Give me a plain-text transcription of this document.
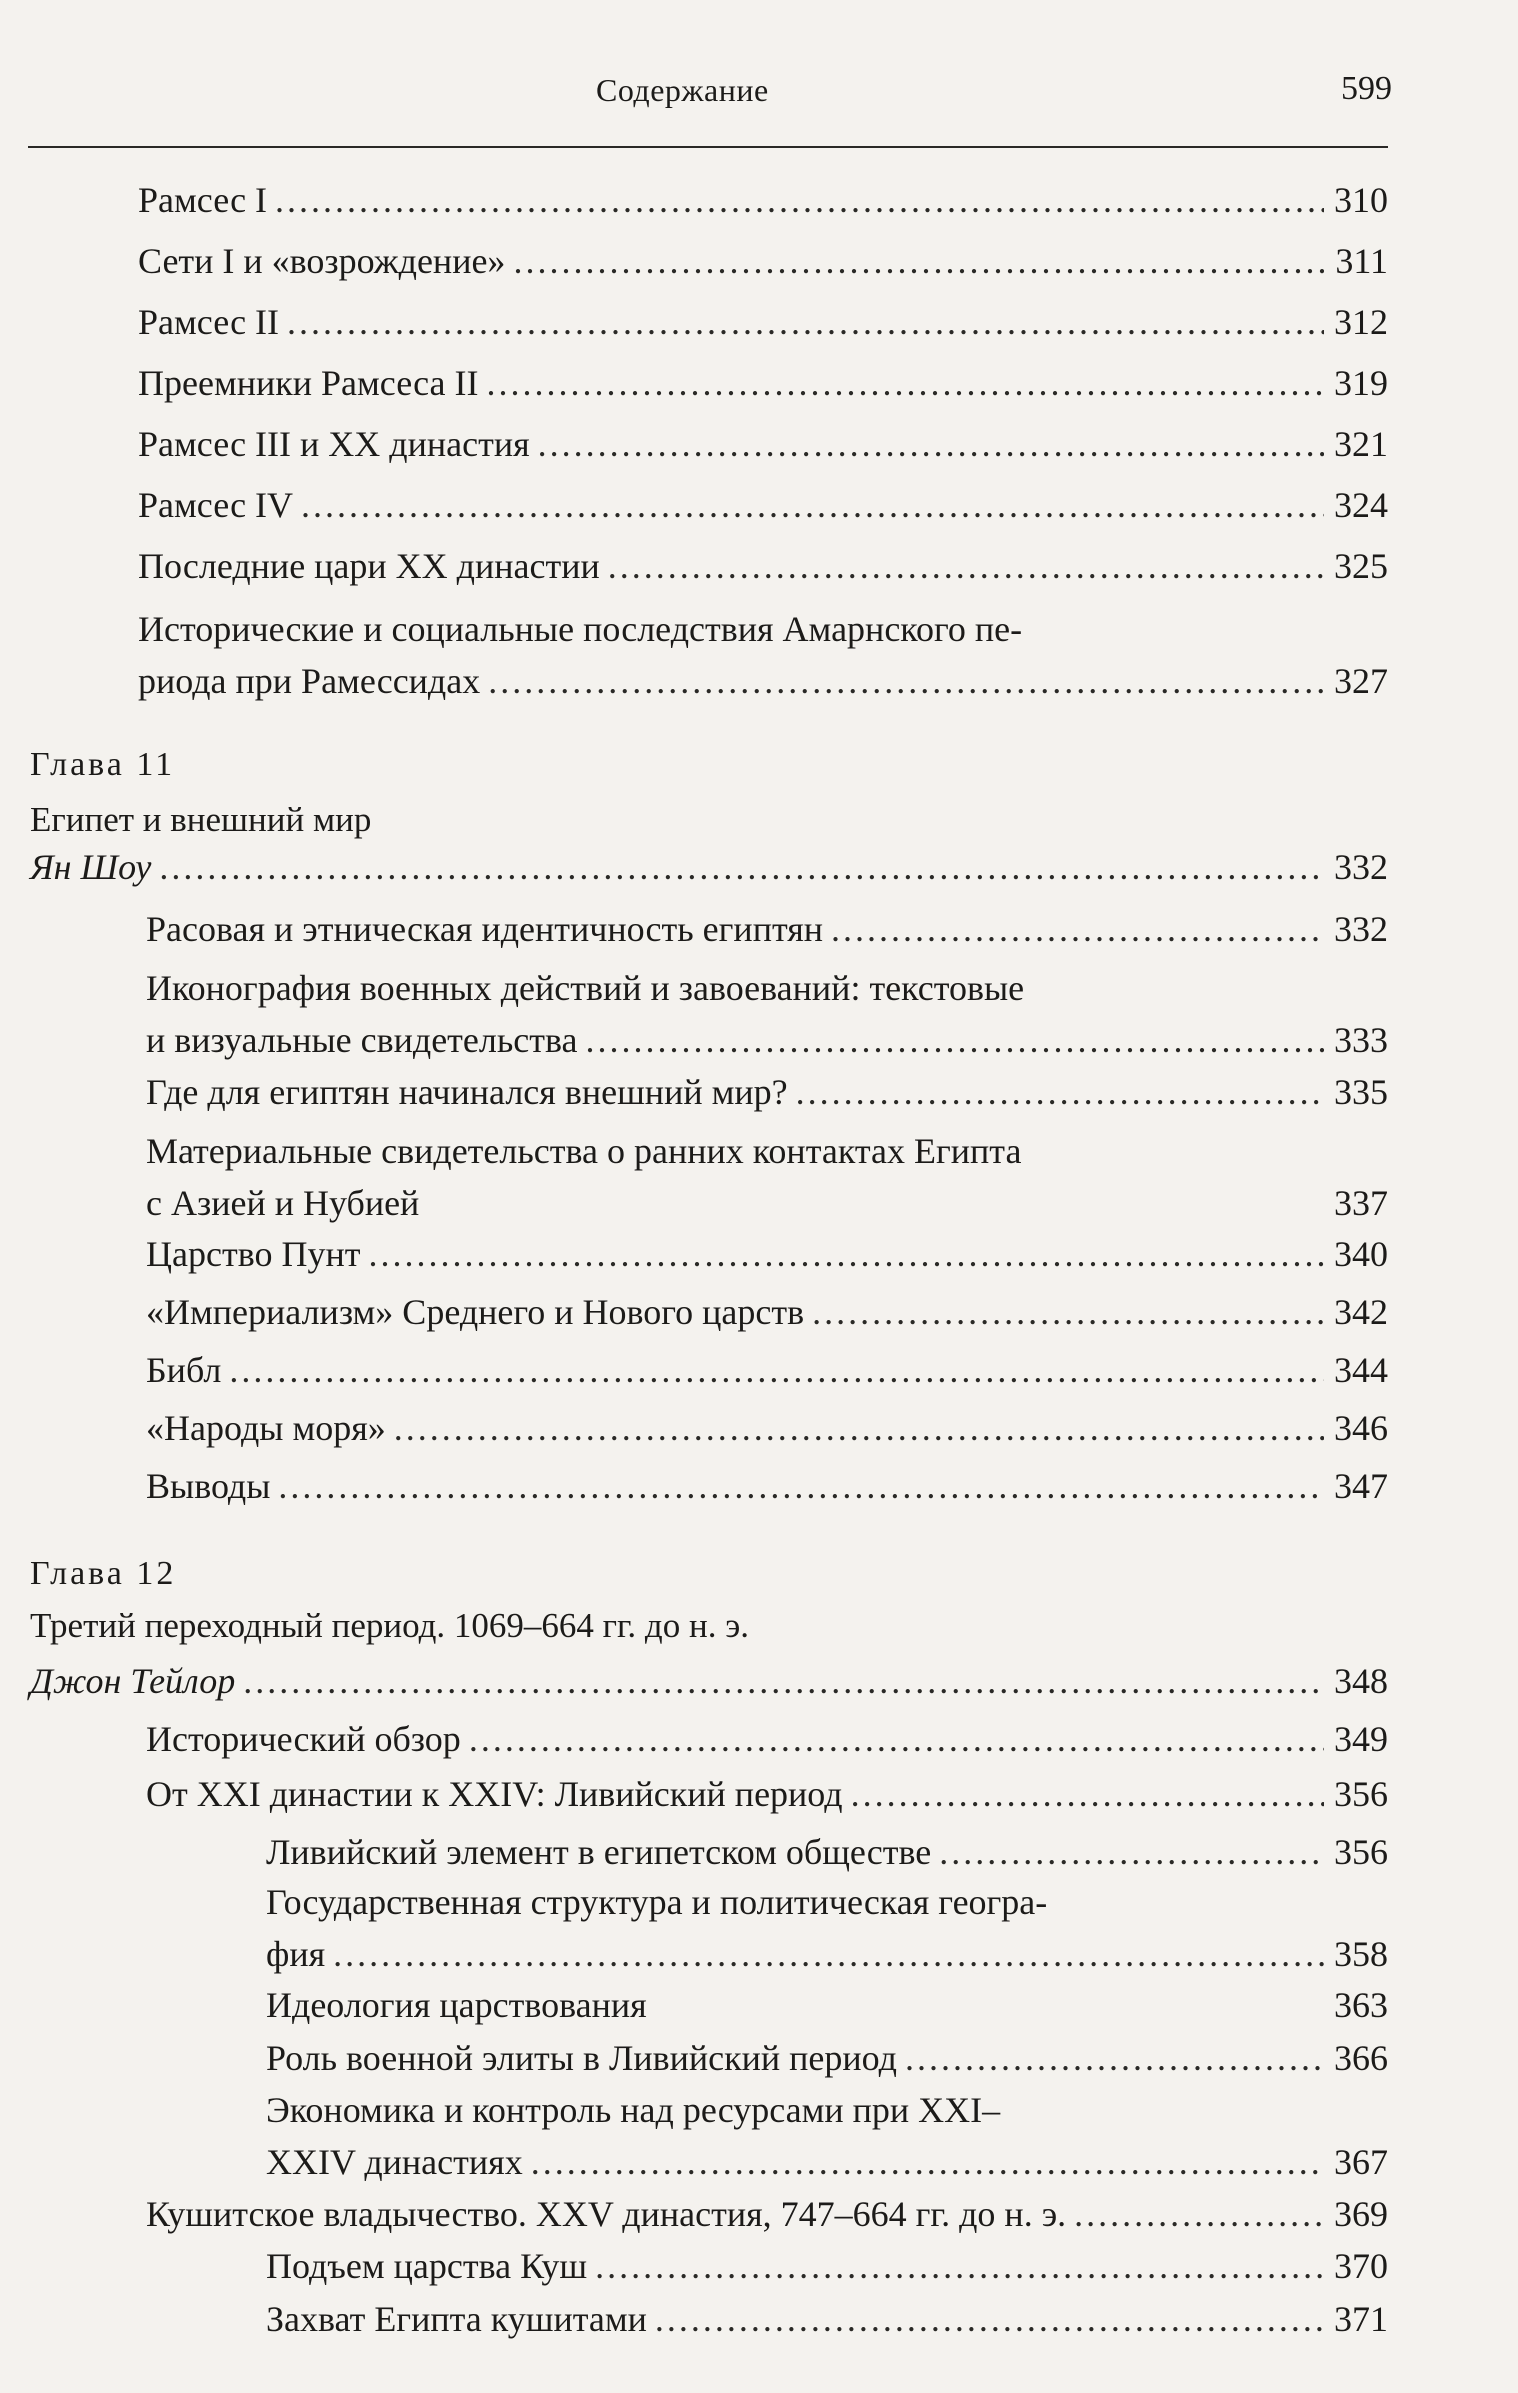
Содержание	599
Рамсес I .....	310
Сети I и «возрождение» .....	311
Рамсес II .....	312
Преемники Рамсеса II .....	319
Рамсес III и XX династия .....	321
Рамсес IV .....	324
Последние цари XX династии .....	325
Исторические и социальные последствия Амарнского пе-
риода при Рамессидах .....	327
Глава 11
Египет и внешний мир
Ян Шоу .....	332
Расовая и этническая идентичность египтян .....	332
Иконография военных действий и завоеваний: текстовые
и визуальные свидетельства .....	333
Где для египтян начинался внешний мир? .....	335
Материальные свидетельства о ранних контактах Египта
с Азией и Нубией	337
Царство Пунт .....	340
«Империализм» Среднего и Нового царств .....	342
Библ .....	344
«Народы моря» .....	346
Выводы .....	347
Глава 12
Третий переходный период. 1069–664 гг. до н. э.
Джон Тейлор .....	348
Исторический обзор .....	349
От XXI династии к XXIV: Ливийский период .....	356
Ливийский элемент в египетском обществе .....	356
Государственная структура и политическая геогра-
фия .....	358
Идеология царствования	363
Роль военной элиты в Ливийский период .....	366
Экономика и контроль над ресурсами при XXI–
XXIV династиях .....	367
Кушитское владычество. XXV династия, 747–664 гг. до н. э. .....	369
Подъем царства Куш .....	370
Захват Египта кушитами .....	371
